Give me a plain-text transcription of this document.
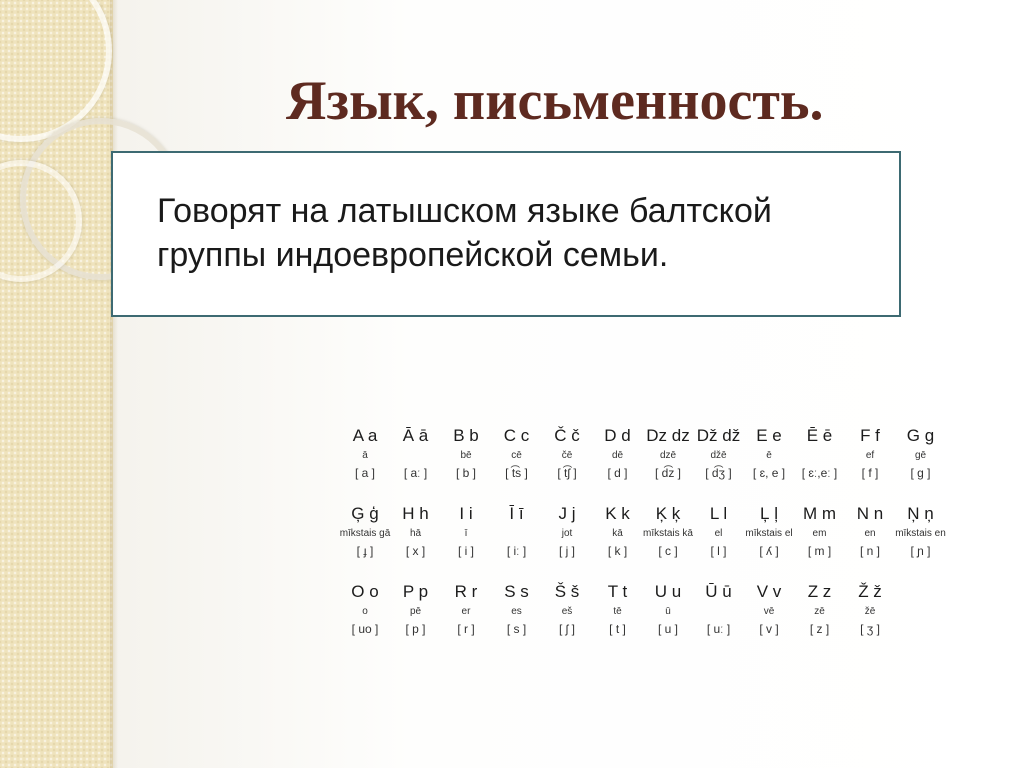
Язык, письменность.
Говорят на латышском языке балтской
группы индоевропейской семьи.
A a
ā
[ a ]
Ā ā
[ aː ]
B b
bē
[ b ]
C c
cē
[ t͡s ]
Č č
čē
[ t͡ʃ ]
D d
dē
[ d ]
Dz dz
dzē
[ d͡z ]
Dž dž
džē
[ d͡ʒ ]
E e
ē
[ ɛ, e ]
Ē ē
[ ɛː,eː ]
F f
ef
[ f ]
G g
gē
[ g ]
Ģ ģ
mīkstais gā
[ ɟ ]
H h
hā
[ x ]
I i
ī
[ i ]
Ī ī
[ iː ]
J j
jot
[ j ]
K k
kā
[ k ]
Ķ ķ
mīkstais kā
[ c ]
L l
el
[ l ]
Ļ ļ
mīkstais el
[ ʎ ]
M m
em
[ m ]
N n
en
[ n ]
Ņ ņ
mīkstais en
[ ɲ ]
O o
o
[ uo ]
P p
pē
[ p ]
R r
er
[ r ]
S s
es
[ s ]
Š š
eš
[ ʃ ]
T t
tē
[ t ]
U u
ū
[ u ]
Ū ū
[ uː ]
V v
vē
[ v ]
Z z
zē
[ z ]
Ž ž
žē
[ ʒ ]
